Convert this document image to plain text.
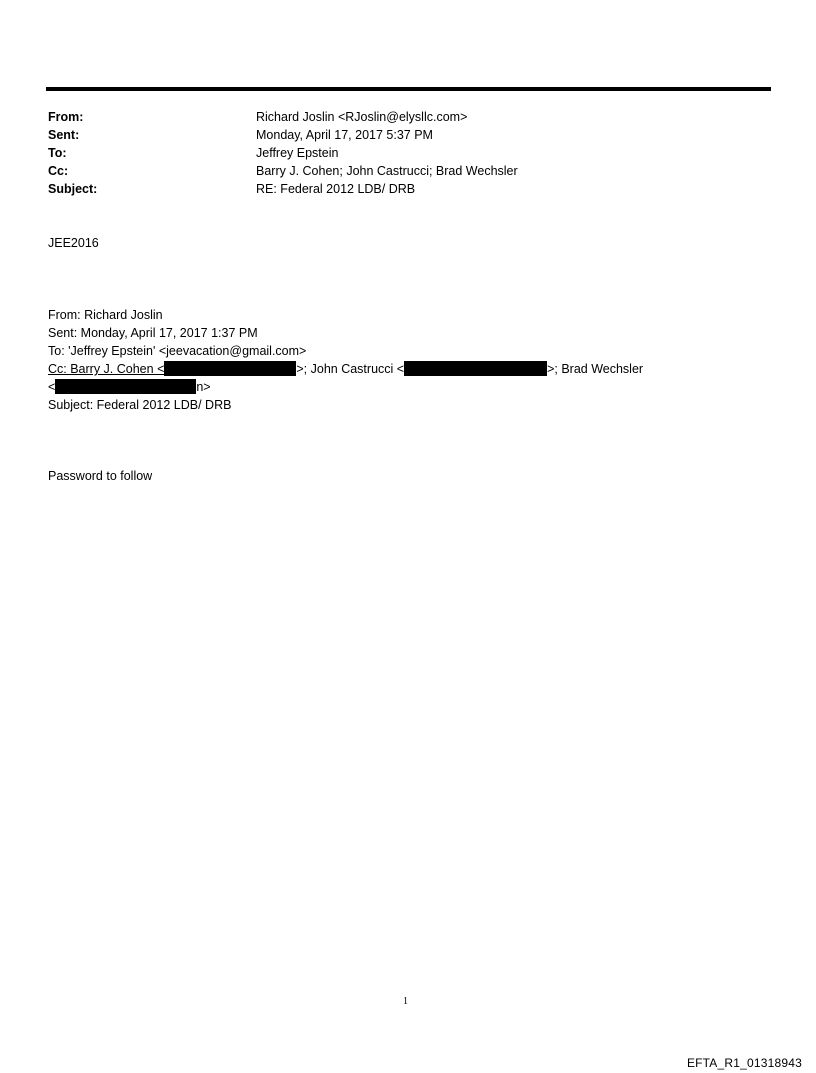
From:	Richard Joslin <RJoslin@elysllc.com>
Sent:	Monday, April 17, 2017 5:37 PM
To:	Jeffrey Epstein
Cc:	Barry J. Cohen; John Castrucci; Brad Wechsler
Subject:	RE: Federal 2012 LDB/ DRB
JEE2016
From: Richard Joslin
Sent: Monday, April 17, 2017 1:37 PM
To: 'Jeffrey Epstein' <jeevacation@gmail.com>
Cc: Barry J. Cohen <	>; John Castrucci <	>; Brad Wechsler
<	n>
Subject: Federal 2012 LDB/ DRB
Password to follow
1
EFTA_R1_01318943
